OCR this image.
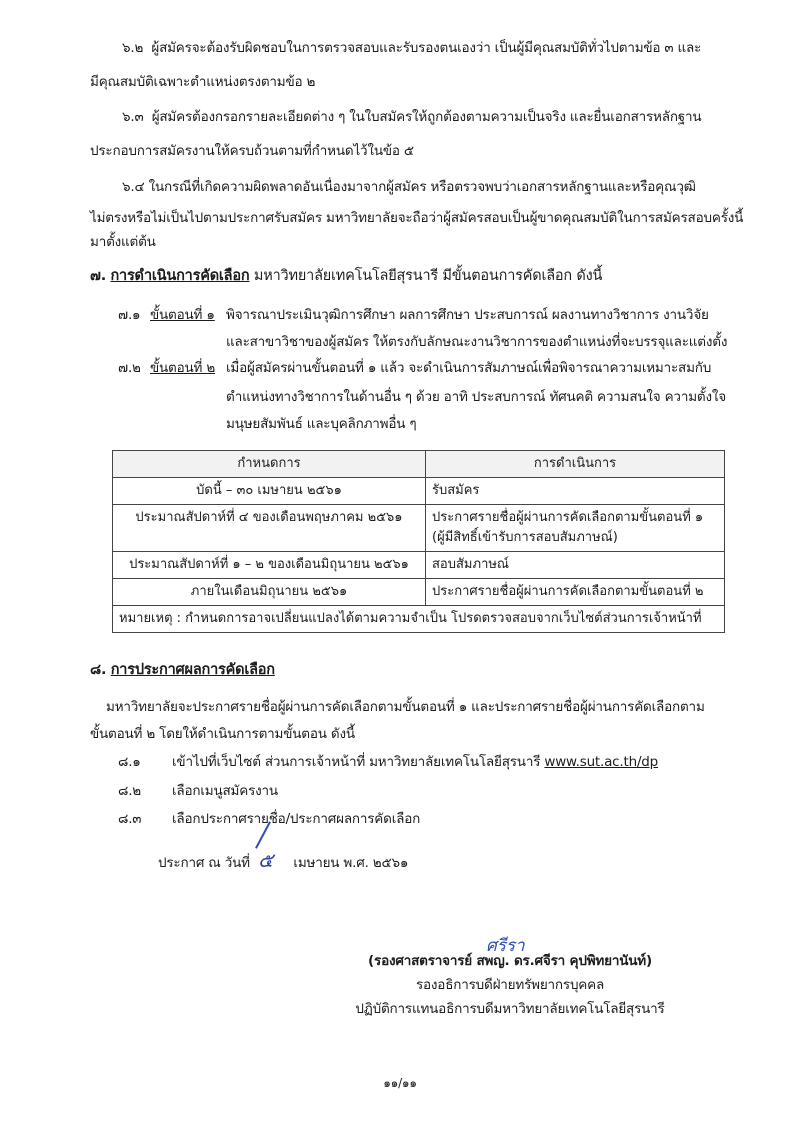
๖.๒ ผู้สมัครจะต้องรับผิดชอบในการตรวจสอบและรับรองตนเองว่า เป็นผู้มีคุณสมบัติทั่วไปตามข้อ ๓ และ
มีคุณสมบัติเฉพาะตำแหน่งตรงตามข้อ ๒
๖.๓ ผู้สมัครต้องกรอกรายละเอียดต่าง ๆ ในใบสมัครให้ถูกต้องตามความเป็นจริง และยื่นเอกสารหลักฐาน
ประกอบการสมัครงานให้ครบถ้วนตามที่กำหนดไว้ในข้อ ๕
๖.๔ ในกรณีที่เกิดความผิดพลาดอันเนื่องมาจากผู้สมัคร หรือตรวจพบว่าเอกสารหลักฐานและหรือคุณวุฒิ
ไม่ตรงหรือไม่เป็นไปตามประกาศรับสมัคร มหาวิทยาลัยจะถือว่าผู้สมัครสอบเป็นผู้ขาดคุณสมบัติในการสมัครสอบครั้งนี้
มาตั้งแต่ต้น
๗. การดำเนินการคัดเลือก มหาวิทยาลัยเทคโนโลยีสุรนารี มีขั้นตอนการคัดเลือก ดังนี้
๗.๑ ขั้นตอนที่ ๑ พิจารณาประเมินวุฒิการศึกษา ผลการศึกษา ประสบการณ์ ผลงานทางวิชาการ งานวิจัย
และสาขาวิชาของผู้สมัคร ให้ตรงกับลักษณะงานวิชาการของตำแหน่งที่จะบรรจุและแต่งตั้ง
๗.๒ ขั้นตอนที่ ๒ เมื่อผู้สมัครผ่านขั้นตอนที่ ๑ แล้ว จะดำเนินการสัมภาษณ์เพื่อพิจารณาความเหมาะสมกับ
ตำแหน่งทางวิชาการในด้านอื่น ๆ ด้วย อาทิ ประสบการณ์ ทัศนคติ ความสนใจ ความตั้งใจ
มนุษยสัมพันธ์ และบุคลิกภาพอื่น ๆ
กำหนดการ	การดำเนินการ
บัดนี้ – ๓๐ เมษายน ๒๕๖๑	รับสมัคร
ประมาณสัปดาห์ที่ ๔ ของเดือนพฤษภาคม ๒๕๖๑	ประกาศรายชื่อผู้ผ่านการคัดเลือกตามขั้นตอนที่ ๑
(ผู้มีสิทธิ์เข้ารับการสอบสัมภาษณ์)

ประมาณสัปดาห์ที่ ๑ – ๒ ของเดือนมิถุนายน ๒๕๖๑	สอบสัมภาษณ์
ภายในเดือนมิถุนายน ๒๕๖๑	ประกาศรายชื่อผู้ผ่านการคัดเลือกตามขั้นตอนที่ ๒
หมายเหตุ : กำหนดการอาจเปลี่ยนแปลงได้ตามความจำเป็น โปรดตรวจสอบจากเว็บไซต์ส่วนการเจ้าหน้าที่	
๘. การประกาศผลการคัดเลือก
มหาวิทยาลัยจะประกาศรายชื่อผู้ผ่านการคัดเลือกตามขั้นตอนที่ ๑ และประกาศรายชื่อผู้ผ่านการคัดเลือกตาม
ขั้นตอนที่ ๒ โดยให้ดำเนินการตามขั้นตอน ดังนี้
๘.๑ เข้าไปที่เว็บไซต์ ส่วนการเจ้าหน้าที่ มหาวิทยาลัยเทคโนโลยีสุรนารี www.sut.ac.th/dp
๘.๒ เลือกเมนูสมัครงาน
๘.๓ เลือกประกาศรายชื่อ/ประกาศผลการคัดเลือก
ประกาศ ณ วันที่ ๕ เมษายน พ.ศ. ๒๕๖๑
ศรีรา
(รองศาสตราจารย์ สพญ. ดร.ศจีรา คุปพิทยานันท์)
รองอธิการบดีฝ่ายทรัพยากรบุคคล
ปฏิบัติการแทนอธิการบดีมหาวิทยาลัยเทคโนโลยีสุรนารี
๑๑/๑๑
